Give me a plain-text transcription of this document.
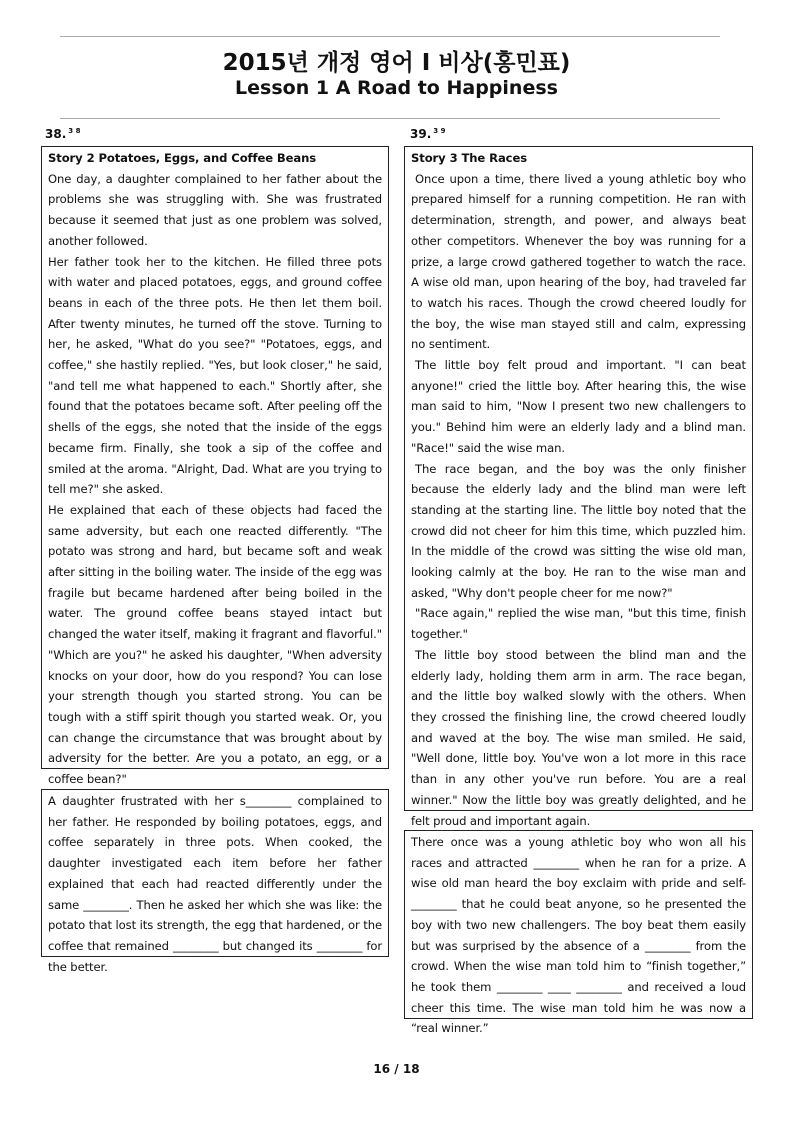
2015년 개정 영어 I 비상(홍민표)
Lesson 1 A Road to Happiness
38. $^{3 8}$

Story 2 Potatoes, Eggs, and Coffee Beans

One day, a daughter complained to her father about the problems she was struggling with. She was frustrated because it seemed that just as one problem was solved, another followed.

Her father took her to the kitchen. He filled three pots with water and placed potatoes, eggs, and ground coffee beans in each of the three pots. He then let them boil. After twenty minutes, he turned off the stove. Turning to her, he asked, "What do you see?" "Potatoes, eggs, and coffee," she hastily replied. "Yes, but look closer," he said, "and tell me what happened to each." Shortly after, she found that the potatoes became soft. After peeling off the shells of the eggs, she noted that the inside of the eggs became firm. Finally, she took a sip of the coffee and smiled at the aroma. "Alright, Dad. What are you trying to tell me?" she asked.

He explained that each of these objects had faced the same adversity, but each one reacted differently. "The potato was strong and hard, but became soft and weak after sitting in the boiling water. The inside of the egg was fragile but became hardened after being boiled in the water. The ground coffee beans stayed intact but changed the water itself, making it fragrant and flavorful."

"Which are you?" he asked his daughter, "When adversity knocks on your door, how do you respond? You can lose your strength though you started strong. You can be tough with a stiff spirit though you started weak. Or, you can change the circumstance that was brought about by adversity for the better. Are you a potato, an egg, or a coffee bean?"

A daughter frustrated with her s________ complained to her father. He responded by boiling potatoes, eggs, and coffee separately in three pots. When cooked, the daughter investigated each item before her father explained that each had reacted differently under the same ________. Then he asked her which she was like: the potato that lost its strength, the egg that hardened, or the coffee that remained ________ but changed its ________ for the better.

39. $^{3 9}$

Story 3 The Races

Once upon a time, there lived a young athletic boy who prepared himself for a running competition. He ran with determination, strength, and power, and always beat other competitors. Whenever the boy was running for a prize, a large crowd gathered together to watch the race. A wise old man, upon hearing of the boy, had traveled far to watch his races. Though the crowd cheered loudly for the boy, the wise man stayed still and calm, expressing no sentiment.

The little boy felt proud and important. "I can beat anyone!" cried the little boy. After hearing this, the wise man said to him, "Now I present two new challengers to you." Behind him were an elderly lady and a blind man. "Race!" said the wise man.

The race began, and the boy was the only finisher because the elderly lady and the blind man were left standing at the starting line. The little boy noted that the crowd did not cheer for him this time, which puzzled him. In the middle of the crowd was sitting the wise old man, looking calmly at the boy. He ran to the wise man and asked, "Why don't people cheer for me now?"

"Race again," replied the wise man, "but this time, finish together."

The little boy stood between the blind man and the elderly lady, holding them arm in arm. The race began, and the little boy walked slowly with the others. When they crossed the finishing line, the crowd cheered loudly and waved at the boy. The wise man smiled. He said, "Well done, little boy. You've won a lot more in this race than in any other you've run before. You are a real winner." Now the little boy was greatly delighted, and he felt proud and important again.

There once was a young athletic boy who won all his races and attracted ________ when he ran for a prize. A wise old man heard the boy exclaim with pride and self-________ that he could beat anyone, so he presented the boy with two new challengers. The boy beat them easily but was surprised by the absence of a ________ from the crowd. When the wise man told him to “finish together,” he took them ________ ____ ________ and received a loud cheer this time. The wise man told him he was now a “real winner.”

16 / 18
